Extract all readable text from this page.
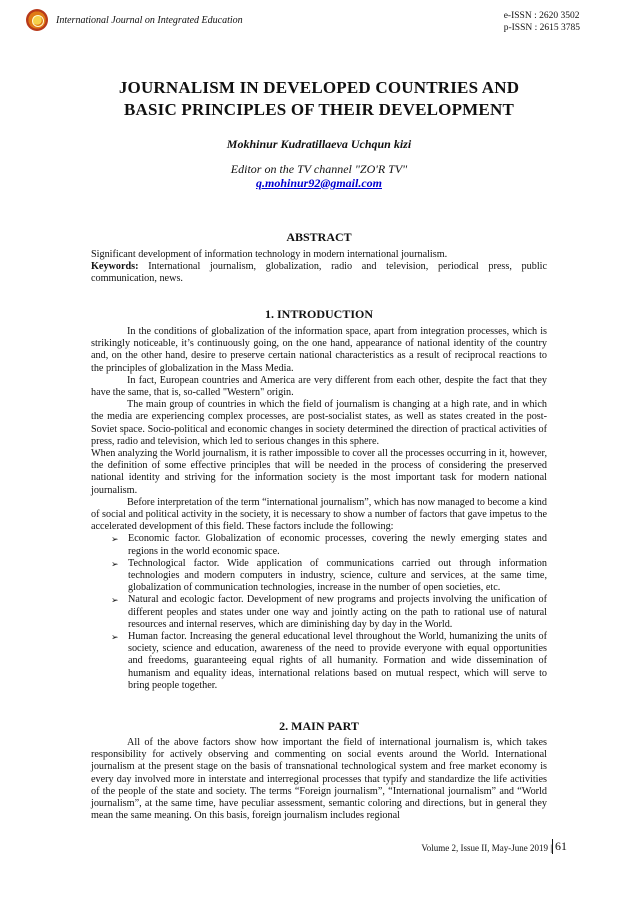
International Journal on Integrated Education	e-ISSN : 2620 3502
p-ISSN : 2615 3785
JOURNALISM IN DEVELOPED COUNTRIES AND
BASIC PRINCIPLES OF THEIR DEVELOPMENT
Mokhinur Kudratillaeva Uchqun kizi
Editor on the TV channel "ZO'R TV"
q.mohinur92@gmail.com
ABSTRACT

Significant development of information technology in modern international journalism.

Keywords: International journalism, globalization, radio and television, periodical press, public communication, news.

1. INTRODUCTION

In the conditions of globalization of the information space, apart from integration processes, which is strikingly noticeable, it’s continuously going, on the one hand, appearance of national identity of the country and, on the other hand, desire to preserve certain national characteristics as a result of reciprocal reactions to the principles of globalization in the Mass Media.

In fact, European countries and America are very different from each other, despite the fact that they have the same, that is, so-called "Western" origin.

The main group of countries in which the field of journalism is changing at a high rate, and in which the media are experiencing complex processes, are post-socialist states, as well as states created in the post-Soviet space. Socio-political and economic changes in society determined the direction of practical activities of press, radio and television, which led to serious changes in this sphere.

When analyzing the World journalism, it is rather impossible to cover all the processes occurring in it, however, the definition of some effective principles that will be needed in the process of considering the preserved national identity and striving for the information society is the most important task for modern national journalism.

Before interpretation of the term “international journalism”, which has now managed to become a kind of social and political activity in the society, it is necessary to show a number of factors that gave impetus to the accelerated development of this field. These factors include the following:

➢ Economic factor. Globalization of economic processes, covering the newly emerging states and regions in the world economic space.
➢ Technological factor. Wide application of communications carried out through information technologies and modern computers in industry, science, culture and services, at the same time, globalization of communication technologies, increase in the number of open societies, etc.
➢ Natural and ecologic factor. Development of new programs and projects involving the unification of different peoples and states under one way and jointly acting on the path to rational use of natural resources and internal reserves, which are diminishing day by day in the World.
➢ Human factor. Increasing the general educational level throughout the World, humanizing the units of society, science and education, awareness of the need to provide everyone with equal opportunities and freedoms, guaranteeing equal rights of all humanity. Formation and wide dissemination of humanism and equality ideas, international relations based on mutual respect, which will serve to bring people together.
2. MAIN PART

All of the above factors show how important the field of international journalism is, which takes responsibility for actively observing and commenting on social events around the World. International journalism at the present stage on the basis of transnational technological system and free market economy is every day involved more in interstate and interregional processes that typify and standardize the life activities of the people of the state and society. The terms “Foreign journalism”, “International journalism” and “World journalism”, at the same time, have peculiar assessment, semantic coloring and directions, but in general they mean the same meaning. On this basis, foreign journalism includes regional

Volume 2, Issue II, May-June 2019 | 61
